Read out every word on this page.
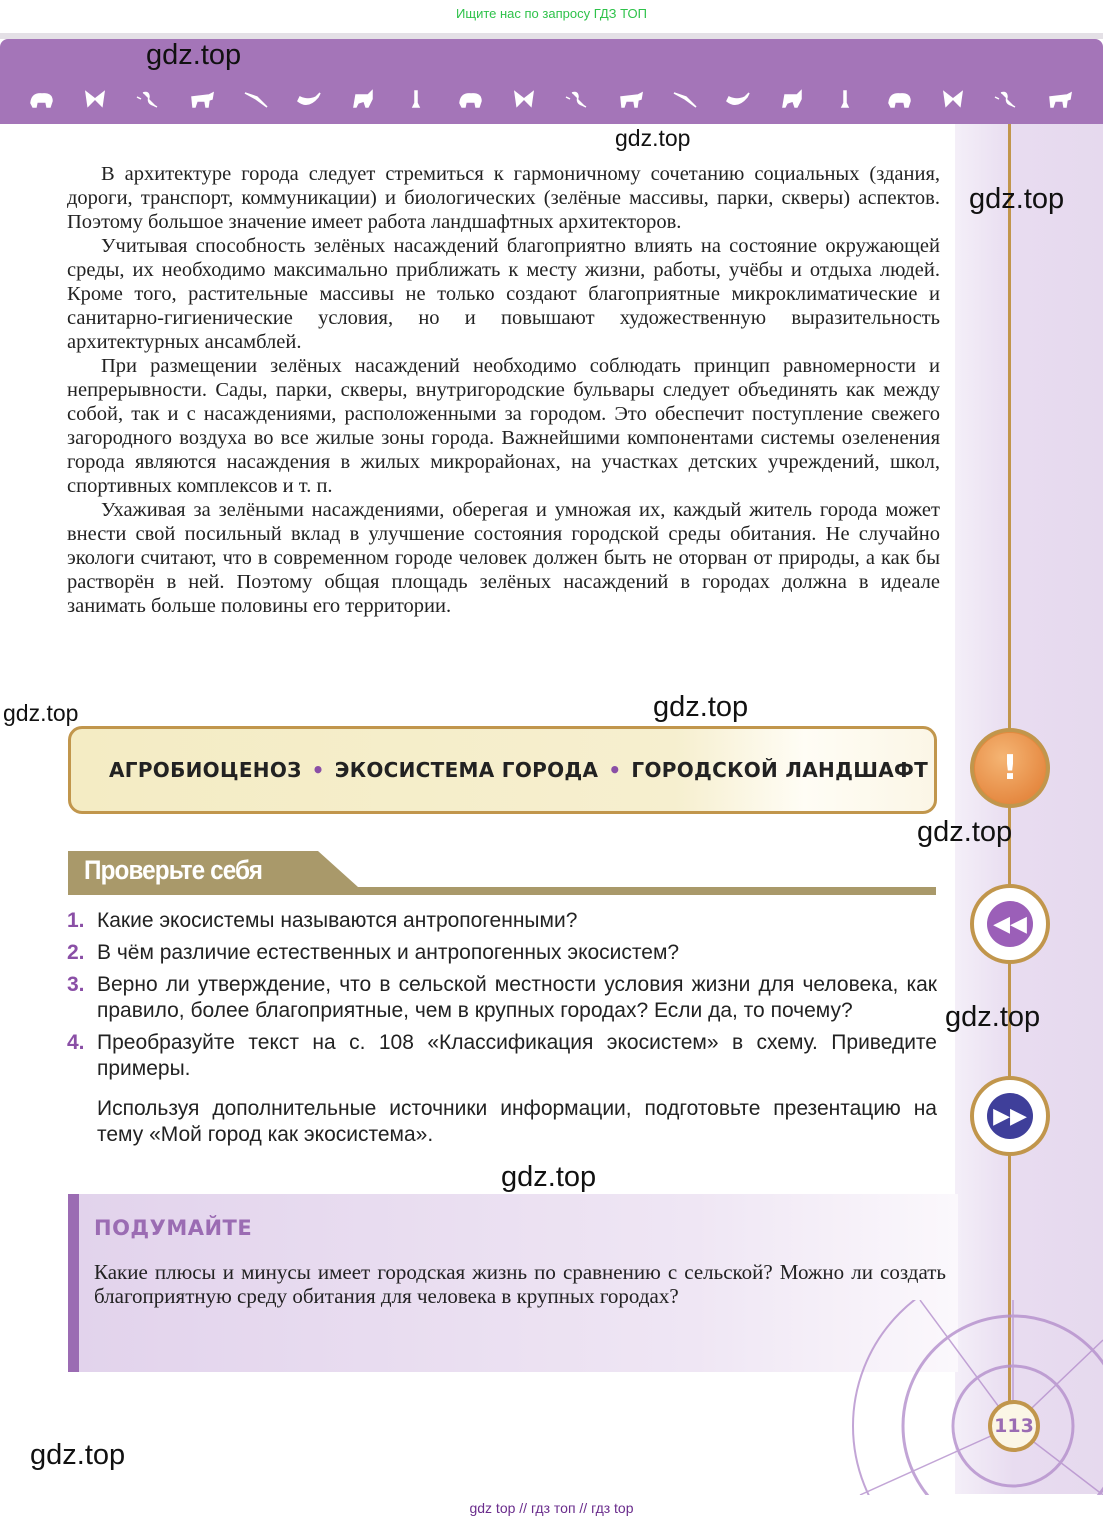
Ищите нас по запросу ГДЗ ТОП

В архитектуре города следует стремиться к гармоничному сочетанию социальных (здания, дороги, транспорт, коммуникации) и биологических (зелёные массивы, парки, скверы) аспектов. Поэтому большое значение имеет работа ландшафтных архитекторов.

Учитывая способность зелёных насаждений благоприятно влиять на состояние окружающей среды, их необходимо максимально приближать к месту жизни, работы, учёбы и отдыха людей. Кроме того, растительные массивы не только создают благоприятные микроклиматические и санитарно-гигиенические условия, но и повышают художественную выразительность архитектурных ансамблей.

При размещении зелёных насаждений необходимо соблюдать принцип равномерности и непрерывности. Сады, парки, скверы, внутригородские бульвары следует объединять как между собой, так и с насаждениями, расположенными за городом. Это обеспечит поступление свежего загородного воздуха во все жилые зоны города. Важнейшими компонентами системы озеленения города являются насаждения в жилых микрорайонах, на участках детских учреждений, школ, спортивных комплексов и т. п.

Ухаживая за зелёными насаждениями, оберегая и умножая их, каждый житель города может внести свой посильный вклад в улучшение состояния городской среды обитания. Не случайно экологи считают, что в современном городе человек должен быть не оторван от природы, а как бы растворён в ней. Поэтому общая площадь зелёных насаждений в городах должна в идеале занимать больше половины его территории.

АГРОБИОЦЕНОЗ • ЭКОСИСТЕМА ГОРОДА • ГОРОДСКОЙ ЛАНДШАФТ	!
◀◀
▶▶
Проверьте себя
1. Какие экосистемы называются антропогенными?
2. В чём различие естественных и антропогенных экосистем?
3. Верно ли утверждение, что в сельской местности условия жизни для человека, как правило, более благоприятные, чем в крупных городах? Если да, то почему?
4. Преобразуйте текст на с. 108 «Классификация экосистем» в схему. Приведите примеры.
Используя дополнительные источники информации, подготовьте презентацию на тему «Мой город как экосистема».
ПОДУМАЙТЕ

Какие плюсы и минусы имеет городская жизнь по сравнению с сельской? Можно ли создать благоприятную среду обитания для человека в крупных городах?

113
gdz.top
gdz.top
gdz.top
gdz.top
gdz.top
gdz.top
gdz.top
gdz.top
gdz.top
gdz top // гдз топ // гдз top
